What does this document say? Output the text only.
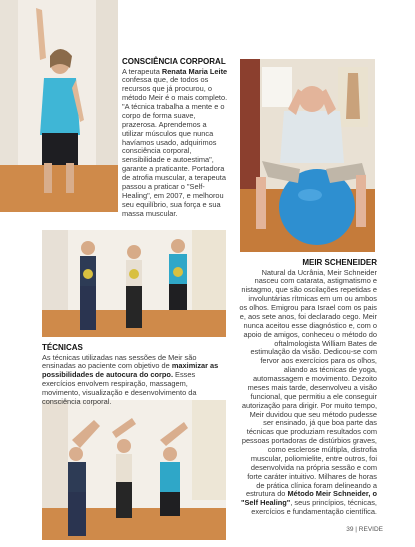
CONSCIÊNCIA CORPORAL
A terapeuta Renata Maria Leite confessa que, de todos os recursos que já procurou, o método Meir é o mais completo. "A técnica trabalha a mente e o corpo de forma suave, prazerosa. Aprendemos a utilizar músculos que nunca havíamos usado, adquirimos consciência corporal, sensibilidade e autoestima", garante a praticante. Portadora de atrofia muscular, a terapeuta passou a praticar o "Self-Healing", em 2007, e melhorou seu equilíbrio, sua força e sua massa muscular.
TÉCNICAS
As técnicas utilizadas nas sessões de Meir são ensinadas ao paciente com objetivo de maximizar as possibilidades de autocura do corpo. Esses exercícios envolvem respiração, massagem, movimento, visualização e desenvolvimento da consciência corporal.
MEIR SCHENEIDER
Natural da Ucrânia, Meir Schneider nasceu com catarata, astigmatismo e nistagmo, que são oscilações repetidas e involuntárias rítmicas em um ou ambos os olhos. Emigrou para Israel com os pais e, aos sete anos, foi declarado cego. Meir nunca aceitou esse diagnóstico e, com o apoio de amigos, conheceu o método do oftalmologista William Bates de estimulação da visão. Dedicou-se com fervor aos exercícios para os olhos, aliando as técnicas de yoga, automassagem e movimento. Dezoito meses mais tarde, desenvolveu a visão funcional, que permitiu a ele conseguir autorização para dirigir. Por muito tempo, Meir duvidou que seu método pudesse ser ensinado, já que boa parte das técnicas que produziam resultados com pessoas portadoras de distúrbios graves, como esclerose múltipla, distrofia muscular, poliomielite, entre outros, foi desenvolvida na própria sessão e com forte caráter intuitivo. Milhares de horas de prática clínica foram delineando a estrutura do Método Meir Schneider, o "Self Healing", seus princípios, técnicas, exercícios e fundamentação científica.
39 | REVIDE
